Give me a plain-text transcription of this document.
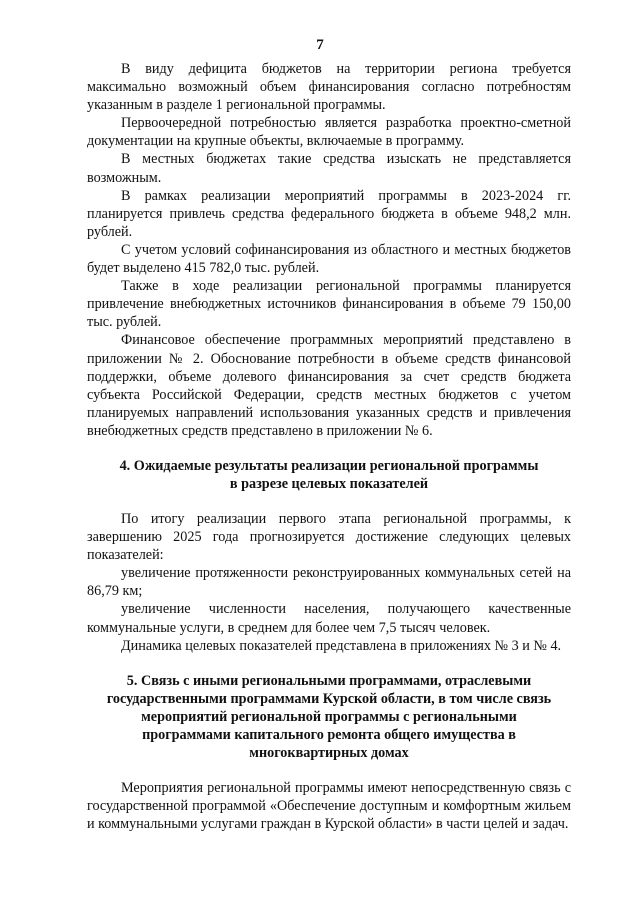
7

В виду дефицита бюджетов на территории региона требуется максимально возможный объем финансирования согласно потребностям указанным в разделе 1 региональной программы.

Первоочередной потребностью является разработка проектно-сметной документации на крупные объекты, включаемые в программу.

В местных бюджетах такие средства изыскать не представляется возможным.

В рамках реализации мероприятий программы в 2023-2024 гг. планируется привлечь средства федерального бюджета в объеме 948,2 млн. рублей.

С учетом условий софинансирования из областного и местных бюджетов будет выделено 415 782,0 тыс. рублей.

Также в ходе реализации региональной программы планируется привлечение внебюджетных источников финансирования в объеме 79 150,00 тыс. рублей.

Финансовое обеспечение программных мероприятий представлено в приложении № 2. Обоснование потребности в объеме средств финансовой поддержки, объеме долевого финансирования за счет средств бюджета субъекта Российской Федерации, средств местных бюджетов с учетом планируемых направлений использования указанных средств и привлечения внебюджетных средств представлено в приложении № 6.

4. Ожидаемые результаты реализации региональной программы
в разрезе целевых показателей

По итогу реализации первого этапа региональной программы, к завершению 2025 года прогнозируется достижение следующих целевых показателей:

увеличение протяженности реконструированных коммунальных сетей на 86,79 км;

увеличение численности населения, получающего качественные коммунальные услуги, в среднем для более чем 7,5 тысяч человек.

Динамика целевых показателей представлена в приложениях № 3 и № 4.

5. Связь с иными региональными программами, отраслевыми
государственными программами Курской области, в том числе связь
мероприятий региональной программы с региональными
программами капитального ремонта общего имущества в
многоквартирных домах

Мероприятия региональной программы имеют непосредственную связь с государственной программой «Обеспечение доступным и комфортным жильем и коммунальными услугами граждан в Курской области» в части целей и задач.
